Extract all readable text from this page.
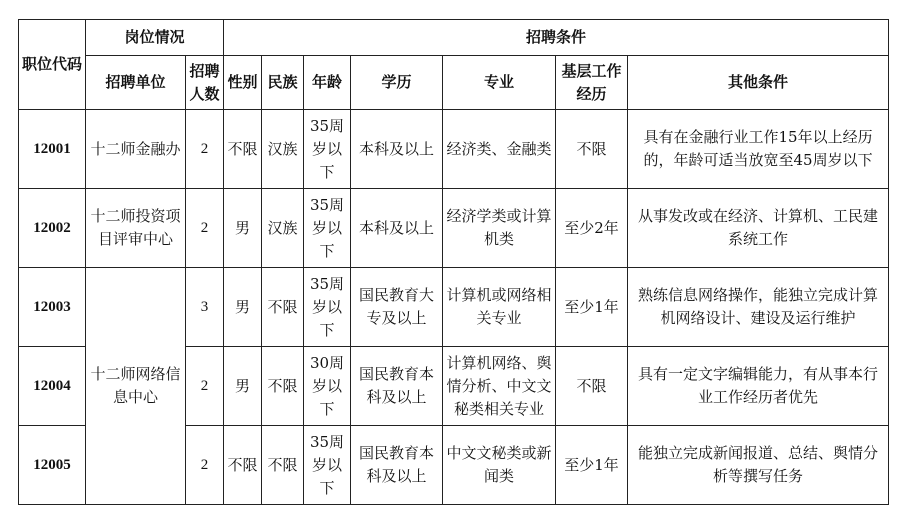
职位代码	岗位情况		招聘条件						
	招聘单位	招聘人数	性别	民族	年龄	学历	专业	基层工作经历	其他条件
12001	十二师金融办	2	不限	汉族	35周岁以下	本科及以上	经济类、金融类	不限	具有在金融行业工作15年以上经历的，年龄可适当放宽至45周岁以下
12002	十二师投资项目评审中心	2	男	汉族	35周岁以下	本科及以上	经济学类或计算机类	至少2年	从事发改或在经济、计算机、工民建系统工作
12003	十二师网络信息中心	3	男	不限	35周岁以下	国民教育大专及以上	计算机或网络相关专业	至少1年	熟练信息网络操作，能独立完成计算机网络设计、建设及运行维护
12004		2	男	不限	30周岁以下	国民教育本科及以上	计算机网络、舆情分析、中文文秘类相关专业	不限	具有一定文字编辑能力，有从事本行业工作经历者优先
12005		2	不限	不限	35周岁以下	国民教育本科及以上	中文文秘类或新闻类	至少1年	能独立完成新闻报道、总结、舆情分析等撰写任务
